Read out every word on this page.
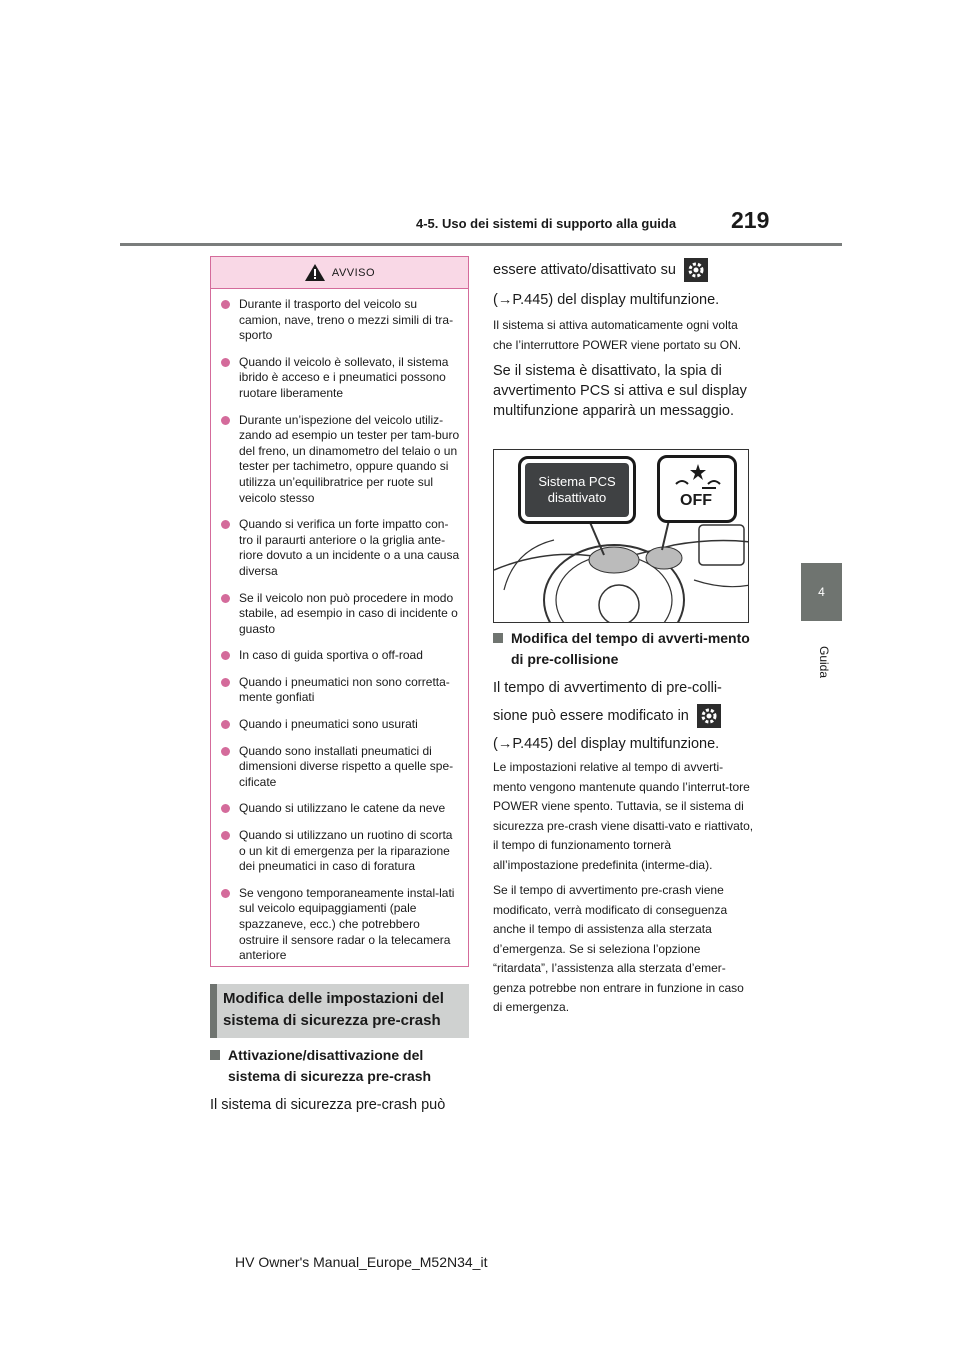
4-5. Uso dei sistemi di supporto alla guida 219
4
Guida
AVVISO
Durante il trasporto del veicolo su camion, nave, treno o mezzi simili di tra-sporto
Quando il veicolo è sollevato, il sistema ibrido è acceso e i pneumatici possono ruotare liberamente
Durante un’ispezione del veicolo utiliz-zando ad esempio un tester per tam-buro del freno, un dinamometro del telaio o un tester per tachimetro, oppure quando si utilizza un’equilibratrice per ruote sul veicolo stesso
Quando si verifica un forte impatto con-tro il paraurti anteriore o la griglia ante-riore dovuto a un incidente o a una causa diversa
Se il veicolo non può procedere in modo stabile, ad esempio in caso di incidente o guasto
In caso di guida sportiva o off-road
Quando i pneumatici non sono corretta-mente gonfiati
Quando i pneumatici sono usurati
Quando sono installati pneumatici di dimensioni diverse rispetto a quelle spe-cificate
Quando si utilizzano le catene da neve
Quando si utilizzano un ruotino di scorta o un kit di emergenza per la riparazione dei pneumatici in caso di foratura
Se vengono temporaneamente instal-lati sul veicolo equipaggiamenti (pale spazzaneve, ecc.) che potrebbero ostruire il sensore radar o la telecamera anteriore
Modifica delle impostazioni del sistema di sicurezza pre-crash
Attivazione/disattivazione del sistema di sicurezza pre-crash
Il sistema di sicurezza pre-crash può
essere attivato/disattivato su
(→P.445) del display multifunzione.
Il sistema si attiva automaticamente ogni volta che l’interruttore POWER viene portato su ON.
Se il sistema è disattivato, la spia di avvertimento PCS si attiva e sul display multifunzione apparirà un messaggio.
Sistema PCS
disattivato	OFF
Modifica del tempo di avverti-mento di pre-collisione
Il tempo di avvertimento di pre-colli-
sione può essere modificato in
(→P.445) del display multifunzione.
Le impostazioni relative al tempo di avverti-mento vengono mantenute quando l’interrut-tore POWER viene spento. Tuttavia, se il sistema di sicurezza pre-crash viene disatti-vato e riattivato, il tempo di funzionamento tornerà all’impostazione predefinita (interme-dia).
Se il tempo di avvertimento pre-crash viene modificato, verrà modificato di conseguenza anche il tempo di assistenza alla sterzata d’emergenza. Se si seleziona l’opzione “ritardata”, l’assistenza alla sterzata d’emer-genza potrebbe non entrare in funzione in caso di emergenza.
HV Owner's Manual_Europe_M52N34_it
